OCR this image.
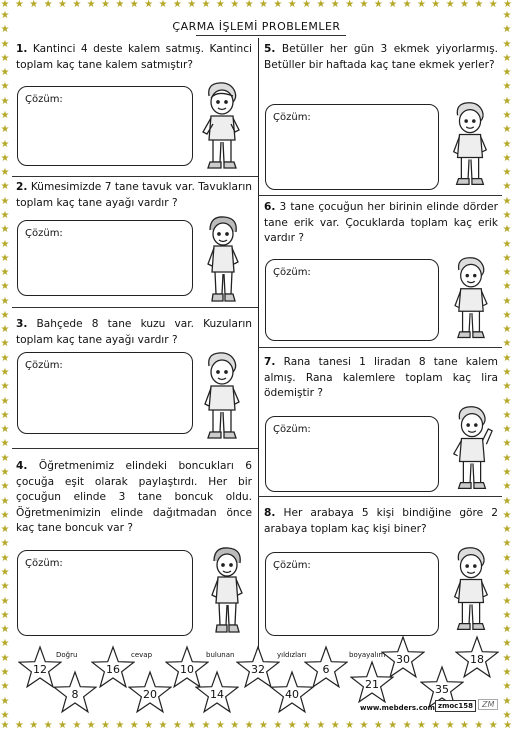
★ ★ ★ ★ ★ ★ ★ ★ ★ ★ ★ ★ ★ ★ ★ ★ ★ ★ ★ ★ ★ ★ ★ ★ ★ ★ ★ ★ ★ ★ ★ ★ ★ ★ ★ ★
★ ★ ★ ★ ★ ★ ★ ★ ★ ★ ★ ★ ★ ★ ★ ★ ★ ★ ★ ★ ★ ★ ★ ★ ★ ★ ★ ★ ★ ★ ★ ★ ★ ★ ★ ★
★
★
★
★
★
★
★
★
★
★
★
★
★
★
★
★
★
★
★
★
★
★
★
★
★
★
★
★
★
★
★
★
★
★
★
★
★
★
★
★
★
★
★
★
★
★
★
★
★
★
★
★
★
★
★
★
★
★
★
★
★
★
★
★
★
★
★
★
★
★
★
★
★
★
★
★
★
★
★
★
★
★
★
★
★
★
★
★
★
★
★
★
★
★
★
★
★
★
★
★
ÇARMA İŞLEMİ PROBLEMLER
1. Kantinci 4 deste kalem satmış. Kantinci toplam kaç tane kalem satmıştır?
Çözüm:
2. Kümesimizde 7 tane tavuk var. Tavukların toplam kaç tane ayağı vardır ?
Çözüm:
3. Bahçede 8 tane kuzu var. Kuzuların toplam kaç tane ayağı vardır ?
Çözüm:
4. Öğretmenimiz elindeki boncukları 6 çocuğa eşit olarak paylaştırdı. Her bir çocuğun elinde 3 tane boncuk oldu. Öğretmenimizin elinde dağıtmadan önce kaç tane boncuk var ?
Çözüm:
5. Betüller her gün 3 ekmek yiyorlarmış. Betüller bir haftada kaç tane ekmek yerler?
Çözüm:
6. 3 tane çocuğun her birinin elinde dörder tane erik var. Çocuklarda toplam kaç erik vardır ?
Çözüm:
7. Rana tanesi 1 liradan 8 tane kalem almış. Rana kalemlere toplam kaç lira ödemiştir ?
Çözüm:
8. Her arabaya 5 kişi bindiğine göre 2 arabaya toplam kaç kişi biner?
Çözüm:
Doğru	cevap	bulunan	yıldızları	boyayalım
12	16	10	32	6
30	18
8	20	14	40
21	35
www.mebders.com zmoc158	ZM
